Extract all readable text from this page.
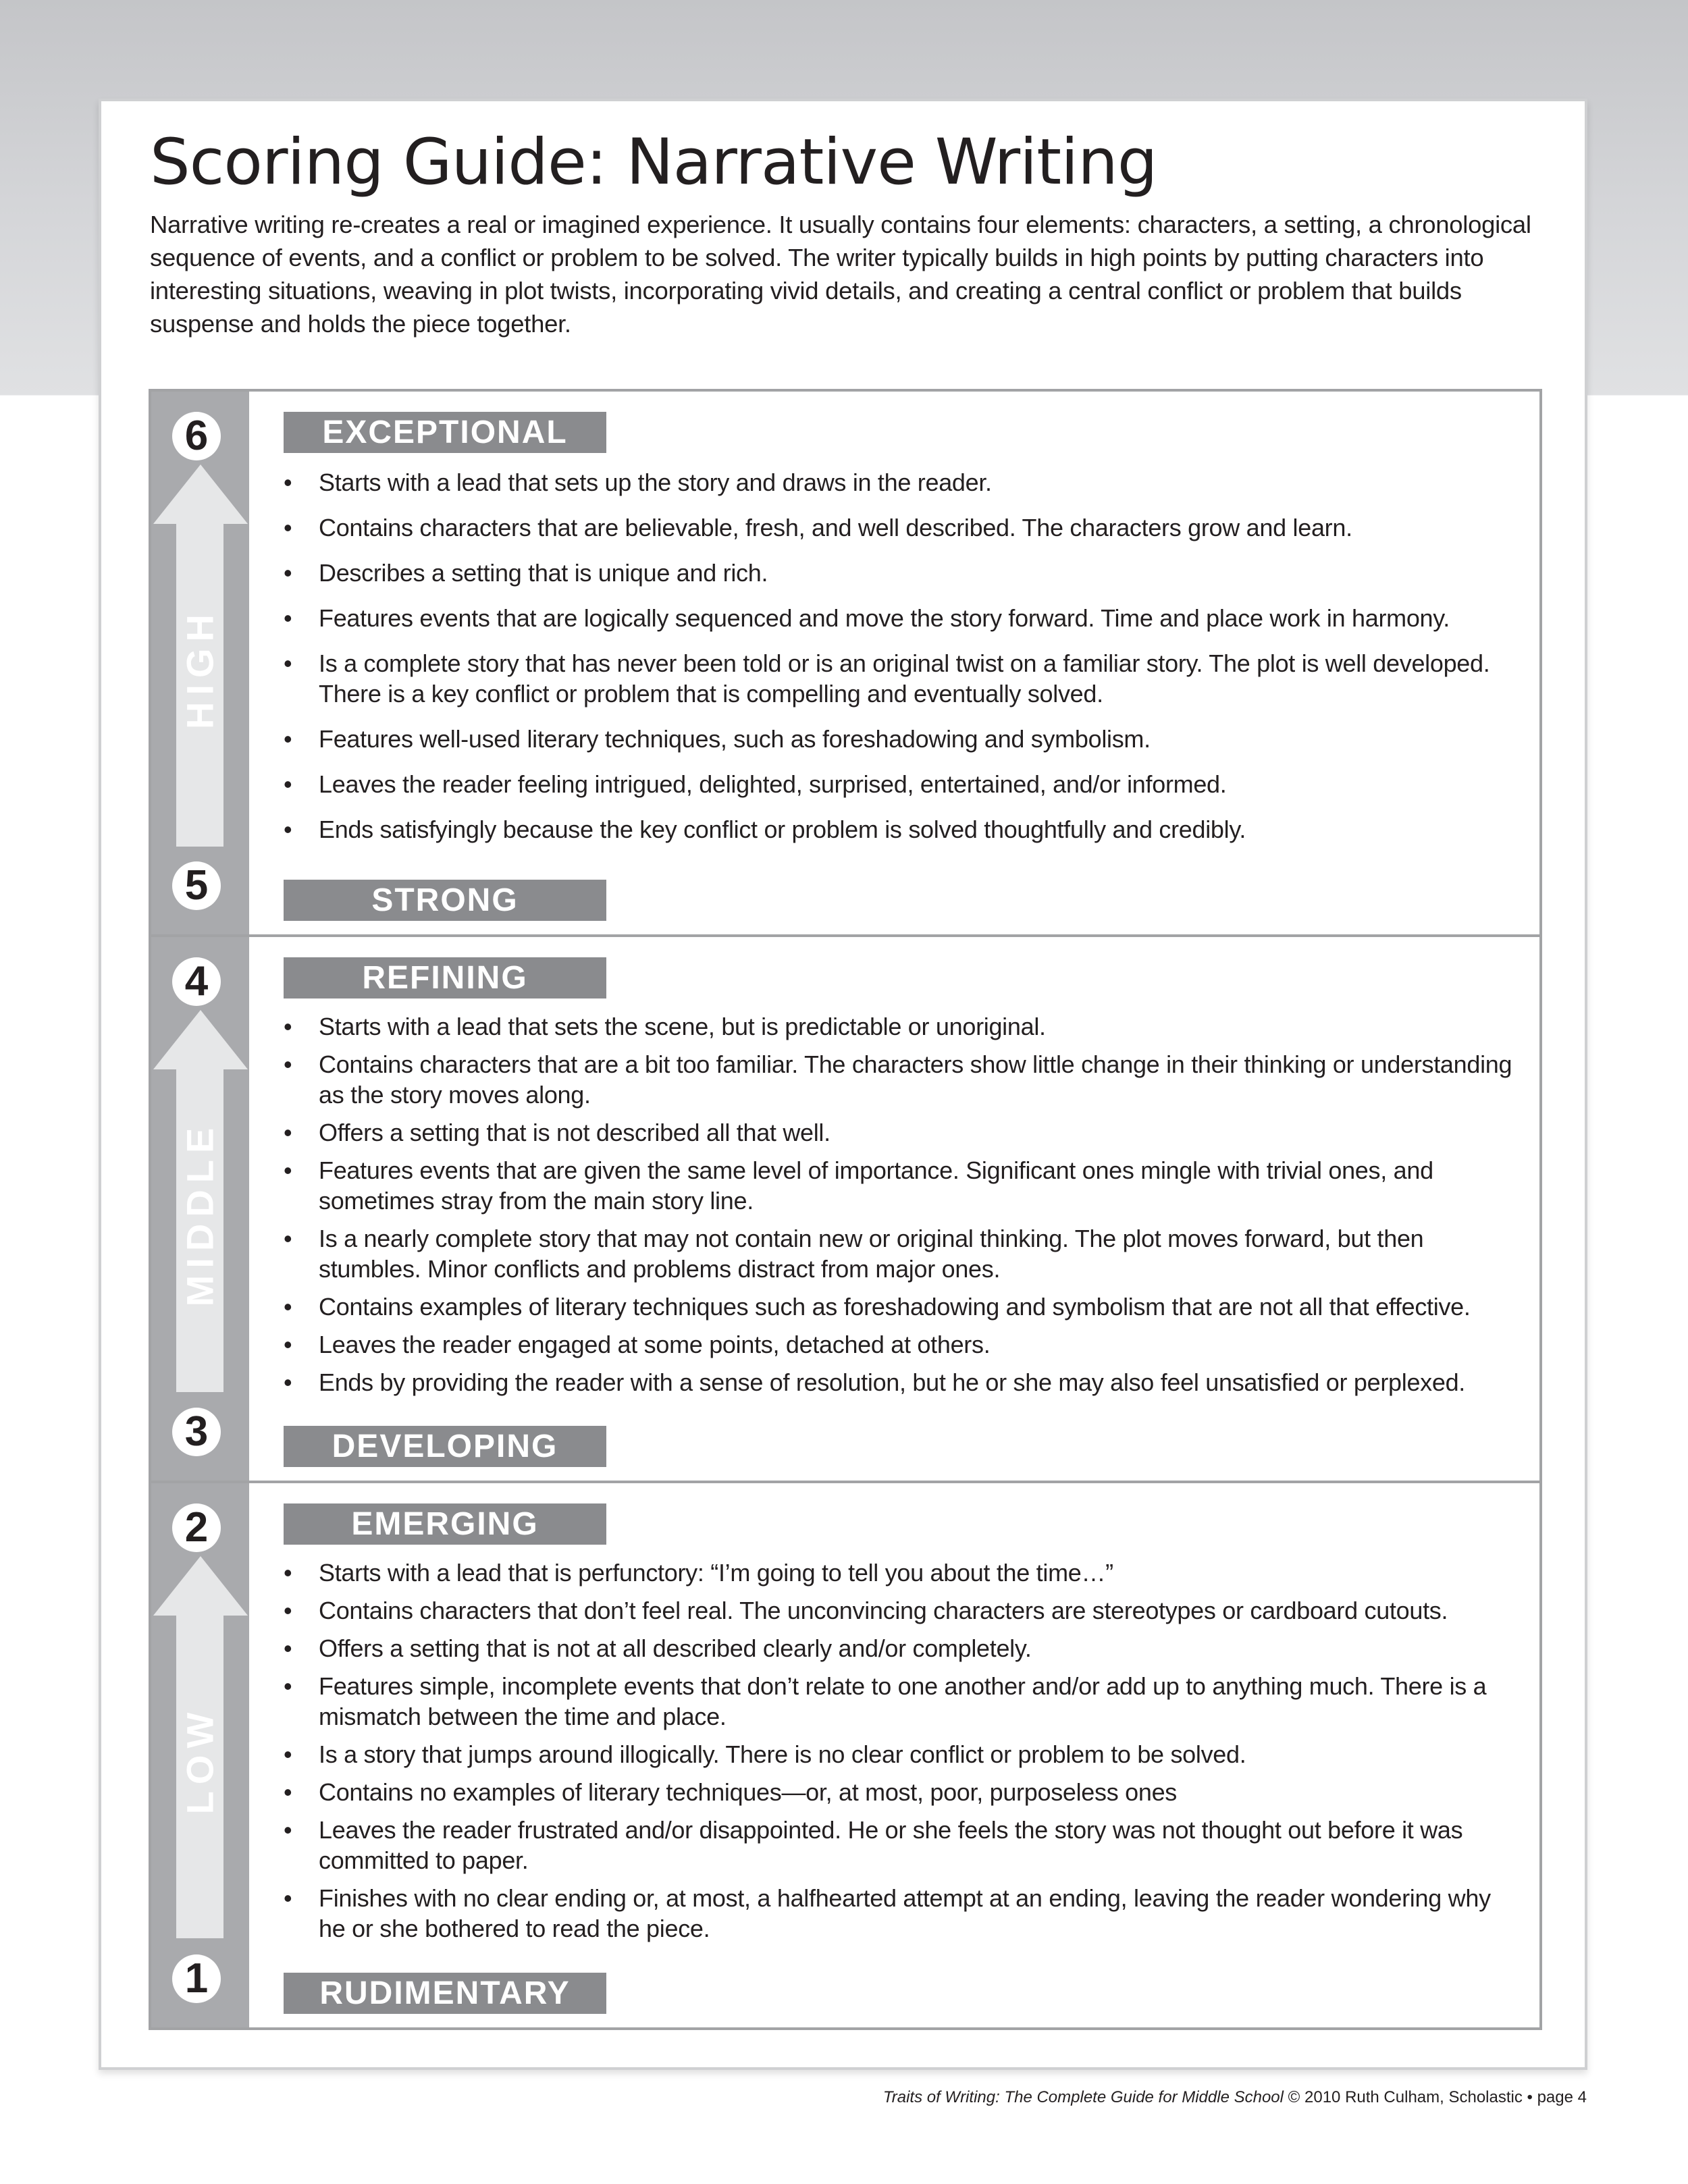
Scoring Guide: Narrative Writing

Narrative writing re-creates a real or imagined experience. It usually contains four elements: characters, a setting, a chronological sequence of events, and a conflict or problem to be solved. The writer typically builds in high points by putting characters into interesting situations, weaving in plot twists, incorporating vivid details, and creating a central conflict or problem that builds suspense and holds the piece together.

6
HIGH
5
EXCEPTIONAL
• Starts with a lead that sets up the story and draws in the reader.
• Contains characters that are believable, fresh, and well described. The characters grow and learn.
• Describes a setting that is unique and rich.
• Features events that are logically sequenced and move the story forward. Time and place work in harmony.
• Is a complete story that has never been told or is an original twist on a familiar story. The plot is well developed. There is a key conflict or problem that is compelling and eventually solved.
• Features well-used literary techniques, such as foreshadowing and symbolism.
• Leaves the reader feeling intrigued, delighted, surprised, entertained, and/or informed.
• Ends satisfyingly because the key conflict or problem is solved thoughtfully and credibly.
STRONG
4
MIDDLE
3
REFINING
• Starts with a lead that sets the scene, but is predictable or unoriginal.
• Contains characters that are a bit too familiar. The characters show little change in their thinking or understanding as the story moves along.
• Offers a setting that is not described all that well.
• Features events that are given the same level of importance. Significant ones mingle with trivial ones, and sometimes stray from the main story line.
• Is a nearly complete story that may not contain new or original thinking. The plot moves forward, but then stumbles. Minor conflicts and problems distract from major ones.
• Contains examples of literary techniques such as foreshadowing and symbolism that are not all that effective.
• Leaves the reader engaged at some points, detached at others.
• Ends by providing the reader with a sense of resolution, but he or she may also feel unsatisfied or perplexed.
DEVELOPING
2
LOW
1
EMERGING
• Starts with a lead that is perfunctory: “I’m going to tell you about the time…”
• Contains characters that don’t feel real. The unconvincing characters are stereotypes or cardboard cutouts.
• Offers a setting that is not at all described clearly and/or completely.
• Features simple, incomplete events that don’t relate to one another and/or add up to anything much. There is a mismatch between the time and place.
• Is a story that jumps around illogically. There is no clear conflict or problem to be solved.
• Contains no examples of literary techniques—or, at most, poor, purposeless ones
• Leaves the reader frustrated and/or disappointed. He or she feels the story was not thought out before it was committed to paper.
• Finishes with no clear ending or, at most, a halfhearted attempt at an ending, leaving the reader wondering why he or she bothered to read the piece.
RUDIMENTARY
Traits of Writing: The Complete Guide for Middle School © 2010 Ruth Culham, Scholastic • page 4
